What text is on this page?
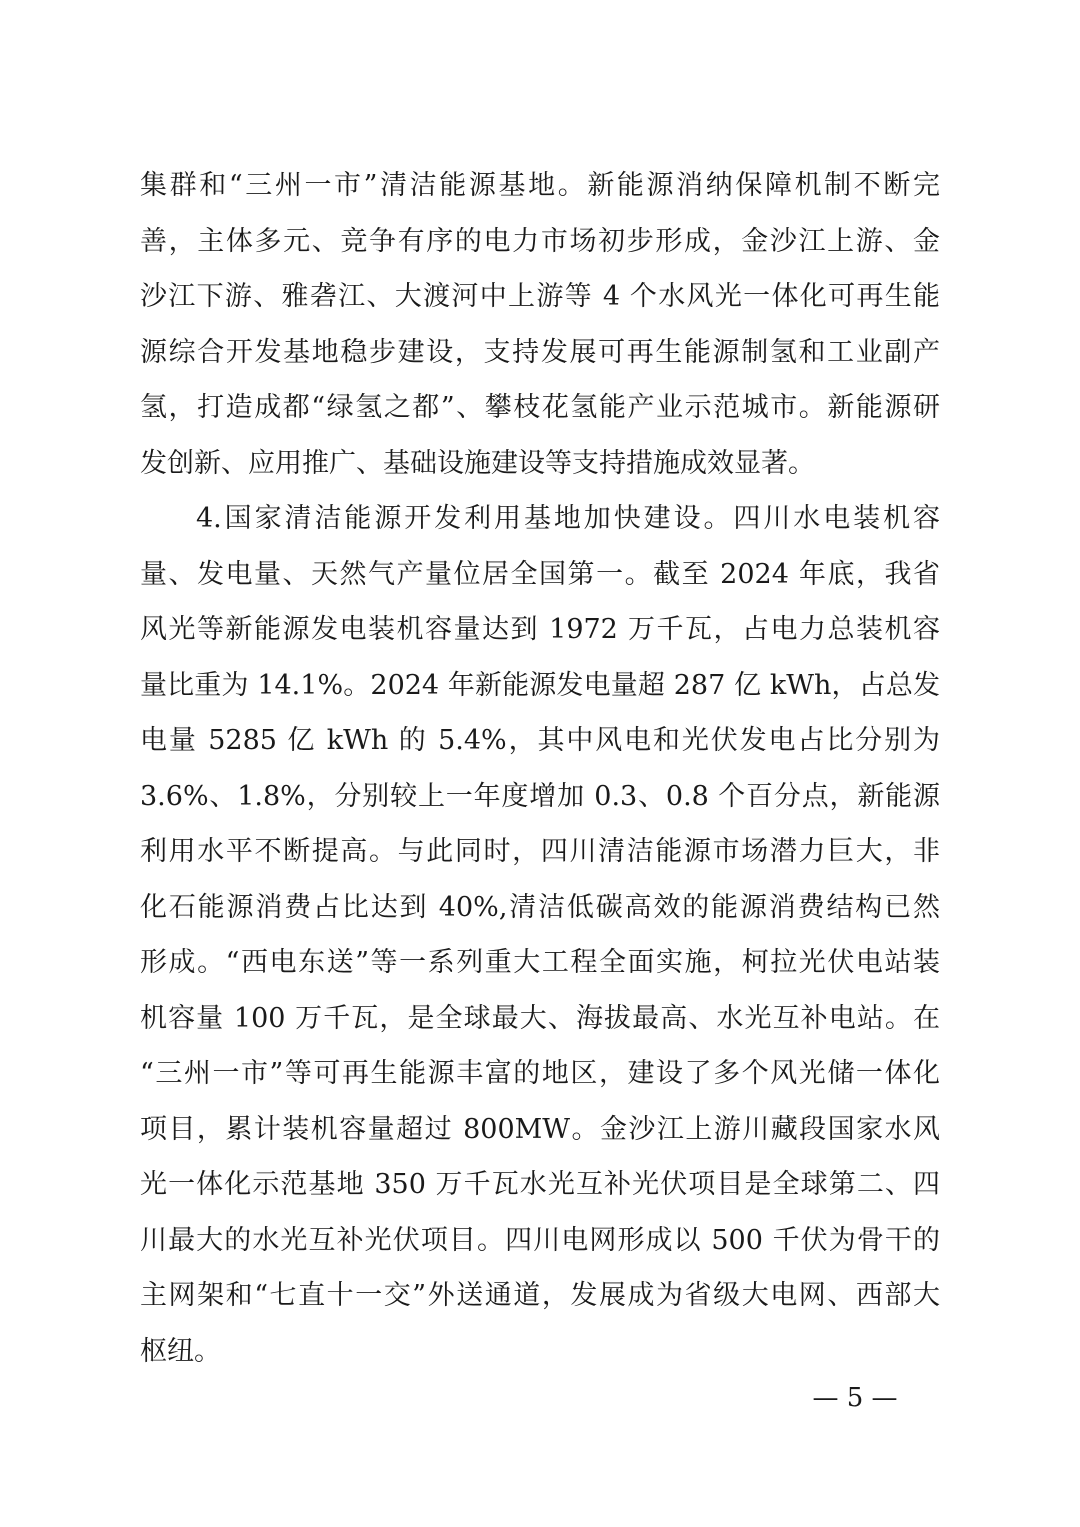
集群和“三州一市”清洁能源基地。新能源消纳保障机制不断完
善，主体多元、竞争有序的电力市场初步形成，金沙江上游、金
沙江下游、雅砻江、大渡河中上游等 4 个水风光一体化可再生能
源综合开发基地稳步建设，支持发展可再生能源制氢和工业副产
氢，打造成都“绿氢之都”、攀枝花氢能产业示范城市。新能源研
发创新、应用推广、基础设施建设等支持措施成效显著。
4.国家清洁能源开发利用基地加快建设。四川水电装机容
量、发电量、天然气产量位居全国第一。截至 2024 年底，我省
风光等新能源发电装机容量达到 1972 万千瓦，占电力总装机容
量比重为 14.1%。2024 年新能源发电量超 287 亿 kWh，占总发
电量 5285 亿 kWh 的 5.4%，其中风电和光伏发电占比分别为
3.6%、1.8%，分别较上一年度增加 0.3、0.8 个百分点，新能源
利用水平不断提高。与此同时，四川清洁能源市场潜力巨大，非
化石能源消费占比达到 40%,清洁低碳高效的能源消费结构已然
形成。“西电东送”等一系列重大工程全面实施，柯拉光伏电站装
机容量 100 万千瓦，是全球最大、海拔最高、水光互补电站。在
“三州一市”等可再生能源丰富的地区，建设了多个风光储一体化
项目，累计装机容量超过 800MW。金沙江上游川藏段国家水风
光一体化示范基地 350 万千瓦水光互补光伏项目是全球第二、四
川最大的水光互补光伏项目。四川电网形成以 500 千伏为骨干的
主网架和“七直十一交”外送通道，发展成为省级大电网、西部大
枢纽。
— 5 —
